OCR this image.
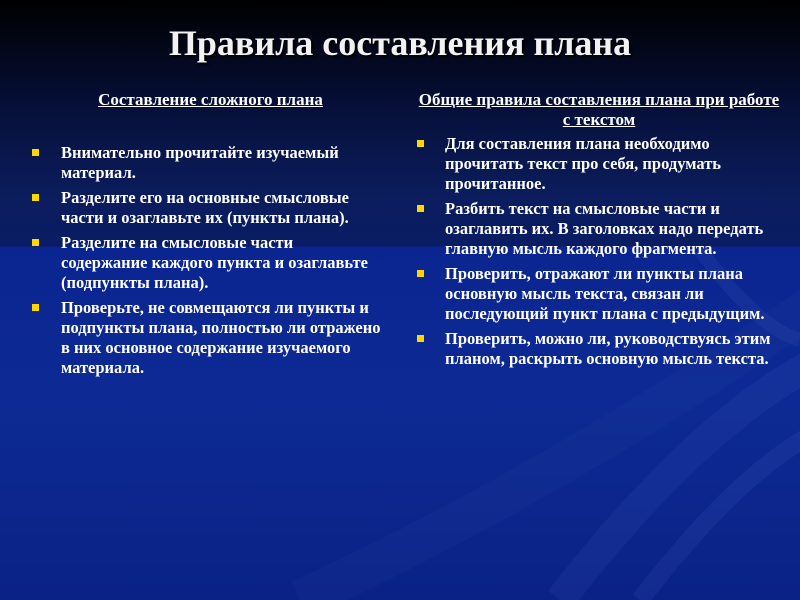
Правила составления плана
Составление сложного плана
Внимательно прочитайте изучаемый материал.
Разделите его на основные смысловые части и озаглавьте их (пункты плана).
Разделите на смысловые части содержание каждого пункта и озаглавьте (подпункты плана).
Проверьте, не совмещаются ли пункты и подпункты плана, полностью ли отражено в них основное содержание изучаемого материала.
Общие правила составления плана при работе с текстом
Для составления плана необходимо прочитать текст про себя, продумать прочитанное.
Разбить текст на смысловые части и озаглавить их. В заголовках надо передать главную мысль каждого фрагмента.
Проверить, отражают ли пункты плана основную мысль текста, связан ли последующий пункт плана с предыдущим.
Проверить, можно ли, руководствуясь этим планом, раскрыть основную мысль текста.
